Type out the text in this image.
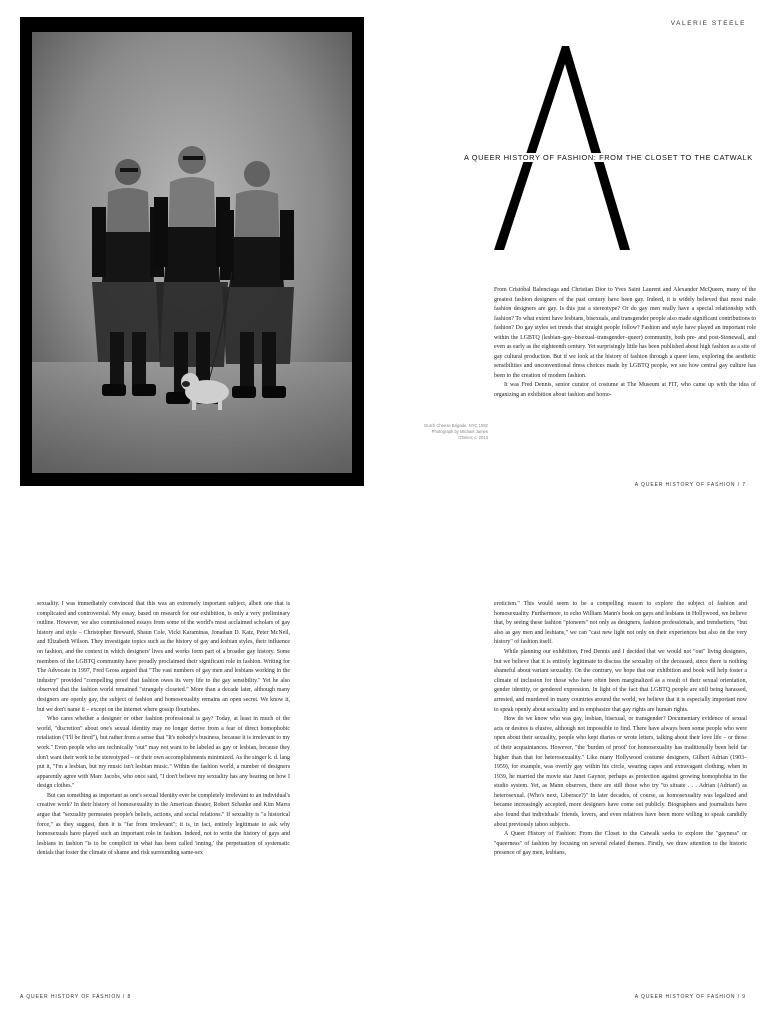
VALERIE STEELE
A QUEER HISTORY OF FASHION: FROM THE CLOSET TO THE CATWALK
Dutch Cheese Brigade, NYC 1982
Photograph by Michael James
O'Brien, c. 2013

From Cristóbal Balenciaga and Christian Dior to Yves Saint Laurent and Alexander McQueen, many of the greatest fashion designers of the past century have been gay. Indeed, it is widely believed that most male fashion designers are gay. Is this just a stereotype? Or do gay men really have a special relationship with fashion? To what extent have lesbians, bisexuals, and transgender people also made significant contributions to fashion? Do gay styles set trends that straight people follow? Fashion and style have played an important role within the LGBTQ (lesbian–gay–bisexual–transgender–queer) community, both pre- and post-Stonewall, and even as early as the eighteenth century. Yet surprisingly little has been published about high fashion as a site of gay cultural production. But if we look at the history of fashion through a queer lens, exploring the aesthetic sensibilities and unconventional dress choices made by LGBTQ people, we see how central gay culture has been to the creation of modern fashion.

It was Fred Dennis, senior curator of costume at The Museum at FIT, who came up with the idea of organizing an exhibition about fashion and homo-

A QUEER HISTORY OF FASHION / 7

sexuality. I was immediately convinced that this was an extremely important subject, albeit one that is complicated and controversial. My essay, based on research for our exhibition, is only a very preliminary outline. However, we also commissioned essays from some of the world's most acclaimed scholars of gay history and style – Christopher Breward, Shaun Cole, Vicki Karaminas, Jonathan D. Katz, Peter McNeil, and Elizabeth Wilson. They investigate topics such as the history of gay and lesbian styles, their influence on fashion, and the context in which designers' lives and works form part of a broader gay history. Some members of the LGBTQ community have proudly proclaimed their significant role in fashion. Writing for The Advocate in 1997, Fred Gross argued that "The vast numbers of gay men and lesbians working in the industry" provided "compelling proof that fashion owes its very life to the gay sensibility." Yet he also observed that the fashion world remained "strangely closeted." More than a decade later, although many designers are openly gay, the subject of fashion and homosexuality remains an open secret. We know it, but we don't name it – except on the internet where gossip flourishes.

Who cares whether a designer or other fashion professional is gay? Today, at least in much of the world, "discretion" about one's sexual identity may no longer derive from a fear of direct homophobic retaliation ("I'll be fired"), but rather from a sense that "It's nobody's business, because it is irrelevant to my work." Even people who are technically "out" may not want to be labeled as gay or lesbian, because they don't want their work to be stereotyped – or their own accomplishments minimized. As the singer k. d. lang put it, "I'm a lesbian, but my music isn't lesbian music." Within the fashion world, a number of designers apparently agree with Marc Jacobs, who once said, "I don't believe my sexuality has any bearing on how I design clothes."

But can something as important as one's sexual identity ever be completely irrelevant to an individual's creative work? In their history of homosexuality in the American theater, Robert Schanke and Kim Marra argue that "sexuality permeates people's beliefs, actions, and social relations." If sexuality is "a historical force," as they suggest, then it is "far from irrelevant"; it is, in fact, entirely legitimate to ask why homosexuals have played such an important role in fashion. Indeed, not to write the history of gays and lesbians in fashion "is to be complicit in what has been called 'inning,' the perpetuation of systematic denials that foster the climate of shame and risk surrounding same-sex

eroticism." This would seem to be a compelling reason to explore the subject of fashion and homosexuality. Furthermore, to echo William Mann's book on gays and lesbians in Hollywood, we believe that, by seeing these fashion "pioneers" not only as designers, fashion professionals, and trendsetters, "but also as gay men and lesbians," we can "cast new light not only on their experiences but also on the very history" of fashion itself.

While planning our exhibition, Fred Dennis and I decided that we would not "out" living designers, but we believe that it is entirely legitimate to discuss the sexuality of the deceased, since there is nothing shameful about variant sexuality. On the contrary, we hope that our exhibition and book will help foster a climate of inclusion for those who have often been marginalized as a result of their sexual orientation, gender identity, or gendered expression. In light of the fact that LGBTQ people are still being harassed, arrested, and murdered in many countries around the world, we believe that it is especially important now to speak openly about sexuality and to emphasize that gay rights are human rights.

How do we know who was gay, lesbian, bisexual, or transgender? Documentary evidence of sexual acts or desires is elusive, although not impossible to find. There have always been some people who were open about their sexuality, people who kept diaries or wrote letters, talking about their love life – or those of their acquaintances. However, "the 'burden of proof' for homosexuality has traditionally been held far higher than that for heterosexuality." Like many Hollywood costume designers, Gilbert Adrian (1903–1959), for example, was overtly gay within his circle, wearing capes and extravagant clothing, when in 1939, he married the movie star Janet Gaynor, perhaps as protection against growing homophobia in the studio system. Yet, as Mann observes, there are still those who try "to situate . . . Adrian (Adrian!) as heterosexual. (Who's next, Liberace?)" In later decades, of course, as homosexuality was legalized and became increasingly accepted, more designers have come out publicly. Biographers and journalists have also found that individuals' friends, lovers, and even relatives have been more willing to speak candidly about previously taboo subjects.

A Queer History of Fashion: From the Closet to the Catwalk seeks to explore the "gayness" or "queerness" of fashion by focusing on several related themes. Firstly, we draw attention to the historic presence of gay men, lesbians,

A QUEER HISTORY OF FASHION / 8	A QUEER HISTORY OF FASHION / 9
